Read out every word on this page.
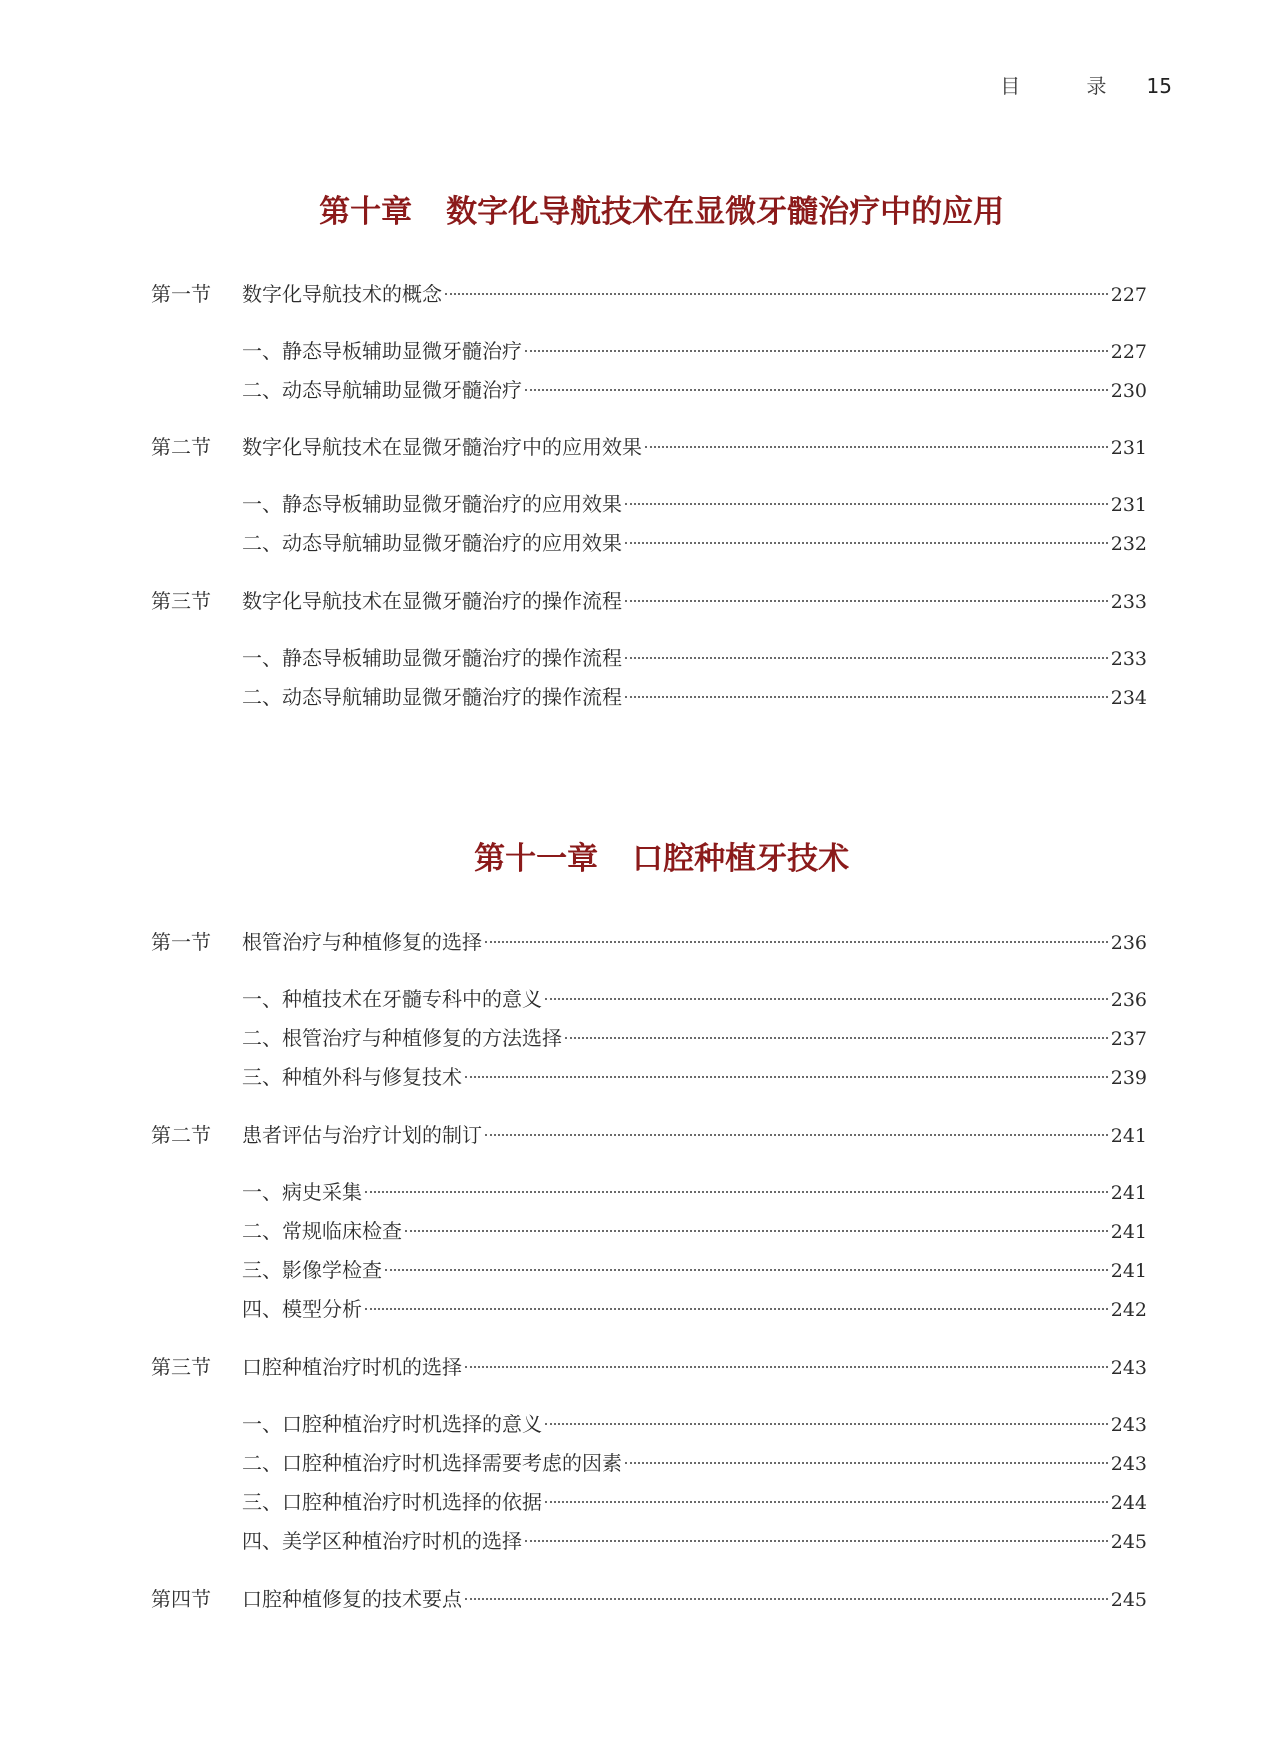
目 录 15

第十章 数字化导航技术在显微牙髓治疗中的应用

第一节	数字化导航技术的概念	227
一、静态导板辅助显微牙髓治疗	227
二、动态导航辅助显微牙髓治疗	230
第二节	数字化导航技术在显微牙髓治疗中的应用效果	231
一、静态导板辅助显微牙髓治疗的应用效果	231
二、动态导航辅助显微牙髓治疗的应用效果	232
第三节	数字化导航技术在显微牙髓治疗的操作流程	233
一、静态导板辅助显微牙髓治疗的操作流程	233
二、动态导航辅助显微牙髓治疗的操作流程	234

第十一章 口腔种植牙技术

第一节	根管治疗与种植修复的选择	236
一、种植技术在牙髓专科中的意义	236
二、根管治疗与种植修复的方法选择	237
三、种植外科与修复技术	239
第二节	患者评估与治疗计划的制订	241
一、病史采集	241
二、常规临床检查	241
三、影像学检查	241
四、模型分析	242
第三节	口腔种植治疗时机的选择	243
一、口腔种植治疗时机选择的意义	243
二、口腔种植治疗时机选择需要考虑的因素	243
三、口腔种植治疗时机选择的依据	244
四、美学区种植治疗时机的选择	245
第四节	口腔种植修复的技术要点	245
